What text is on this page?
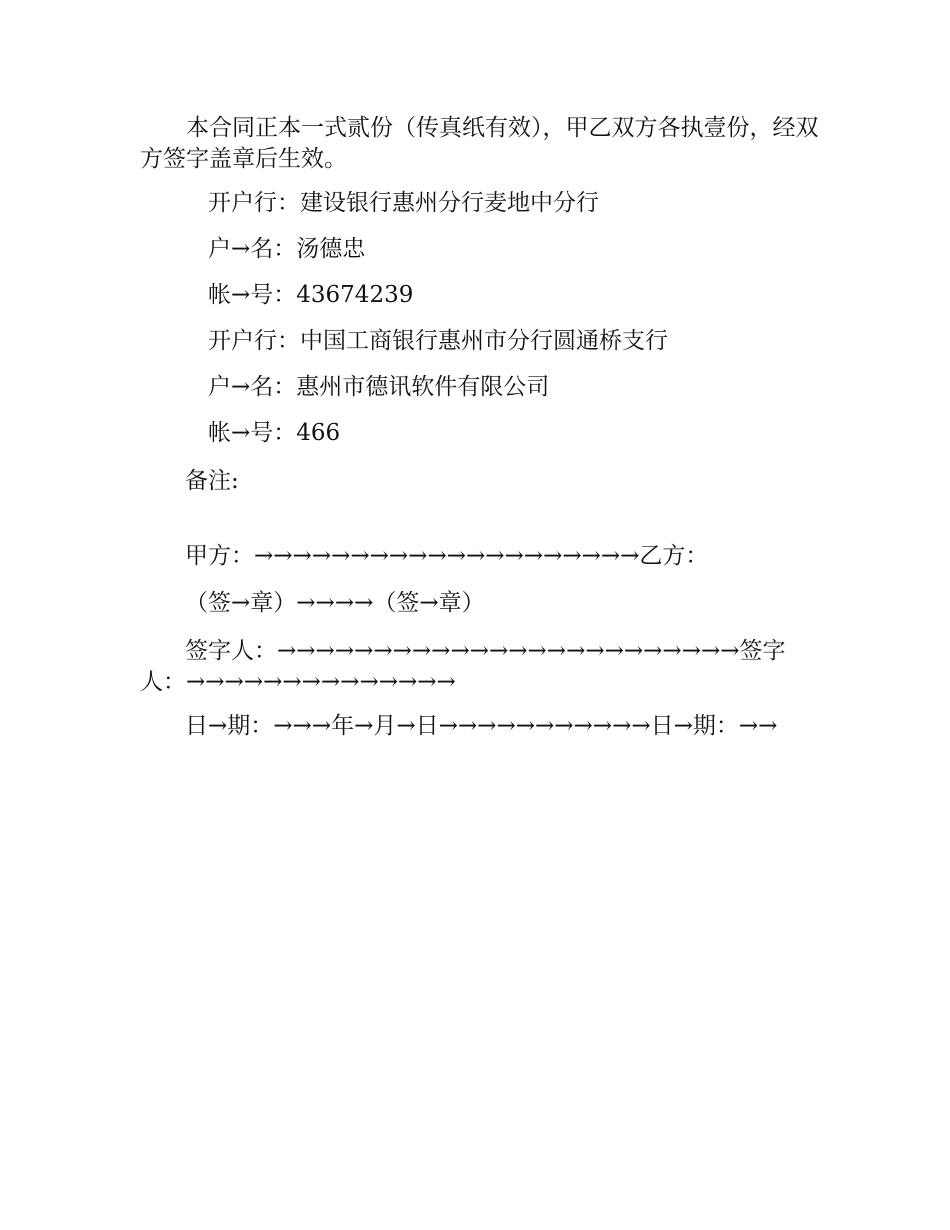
本合同正本一式贰份（传真纸有效），甲乙双方各执壹份，经双方签字盖章后生效。

开户行：建设银行惠州分行麦地中分行

户→名：汤德忠

帐→号：43674239

开户行：中国工商银行惠州市分行圆通桥支行

户→名：惠州市德讯软件有限公司

帐→号：466

备注:

甲方：→→→→→→→→→→→→→→→→→→→→乙方：

（签→章）→→→→（签→章）

签字人：→→→→→→→→→→→→→→→→→→→→→→→→签字人：→→→→→→→→→→→→→→

日→期：→→→年→月→日→→→→→→→→→→→日→期：→→
